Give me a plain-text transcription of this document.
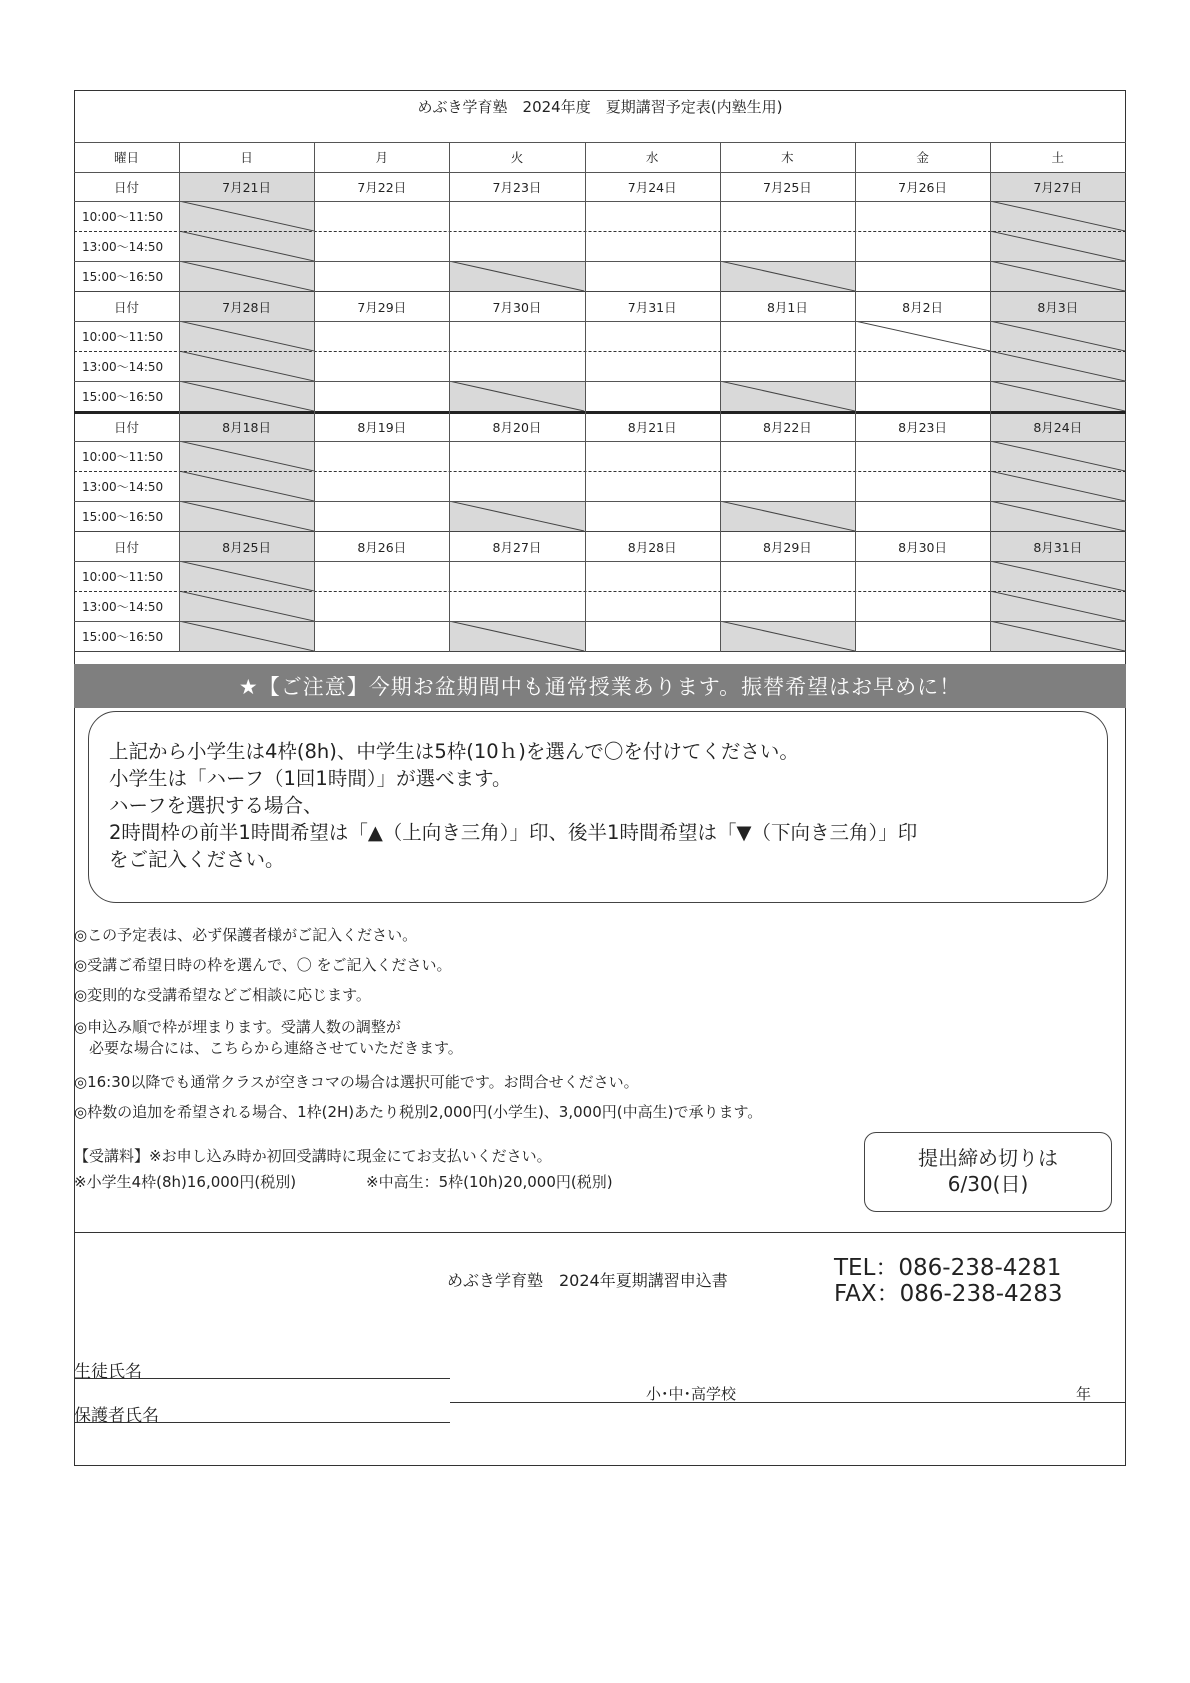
めぶき学育塾　2024年度　夏期講習予定表(内塾生用)
曜日	日	月	火	水	木	金	土
日付	7月21日	7月22日	7月23日	7月24日	7月25日	7月26日	7月27日
10:00～11:50
13:00～14:50
15:00～16:50
日付	7月28日	7月29日	7月30日	7月31日	8月1日	8月2日	8月3日
10:00～11:50
13:00～14:50
15:00～16:50
日付	8月18日	8月19日	8月20日	8月21日	8月22日	8月23日	8月24日
10:00～11:50
13:00～14:50
15:00～16:50
日付	8月25日	8月26日	8月27日	8月28日	8月29日	8月30日	8月31日
10:00～11:50
13:00～14:50
15:00～16:50
★【ご注意】今期お盆期間中も通常授業あります。振替希望はお早めに！
上記から小学生は4枠(8h)、中学生は5枠(10ｈ)を選んで〇を付けてください。
小学生は「ハーフ（1回1時間）」が選べます。
ハーフを選択する場合、
2時間枠の前半1時間希望は「▲（上向き三角）」印、後半1時間希望は「▼（下向き三角）」印
をご記入ください。
◎この予定表は、必ず保護者様がご記入ください。
◎受講ご希望日時の枠を選んで、〇 をご記入ください。
◎変則的な受講希望などご相談に応じます。
◎申込み順で枠が埋まります。受講人数の調整が
　必要な場合には、こちらから連絡させていただきます。
◎16:30以降でも通常クラスが空きコマの場合は選択可能です。お問合せください。
◎枠数の追加を希望される場合、1枠(2H)あたり税別2,000円(小学生)、3,000円(中高生)で承ります。
【受講料】※お申し込み時か初回受講時に現金にてお支払いください。
※小学生4枠(8h)16,000円(税別)	※中高生：5枠(10h)20,000円(税別)
提出締め切りは
6/30(日)
めぶき学育塾　2024年夏期講習申込書	TEL：086-238-4281
FAX：086-238-4283
生徒氏名
保護者氏名
小･中･高学校	年
